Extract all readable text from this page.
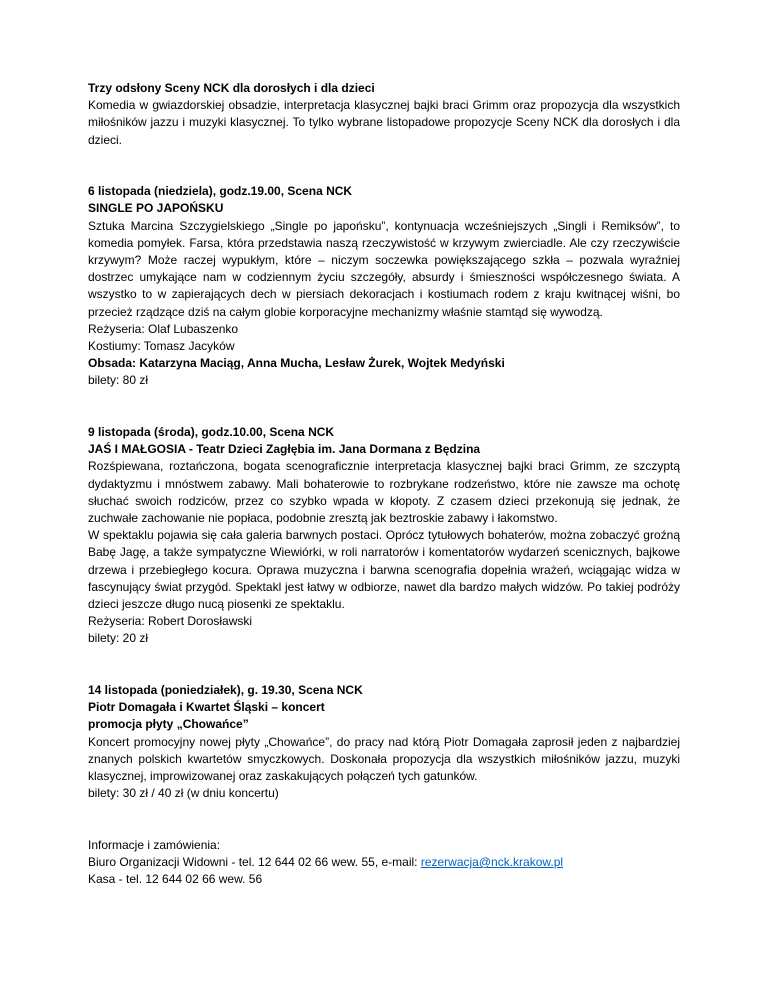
Trzy odsłony Sceny NCK dla dorosłych i dla dzieci

Komedia w gwiazdorskiej obsadzie, interpretacja klasycznej bajki braci Grimm oraz propozycja dla wszystkich miłośników jazzu i muzyki klasycznej. To tylko wybrane listopadowe propozycje Sceny NCK dla dorosłych i dla dzieci.

6 listopada (niedziela), godz.19.00, Scena NCK
SINGLE PO JAPOŃSKU

Sztuka Marcina Szczygielskiego „Single po japońsku”, kontynuacja wcześniejszych „Singli i Remiksów”, to komedia pomyłek. Farsa, która przedstawia naszą rzeczywistość w krzywym zwierciadle. Ale czy rzeczywiście krzywym? Może raczej wypukłym, które – niczym soczewka powiększającego szkła – pozwala wyraźniej dostrzec umykające nam w codziennym życiu szczegóły, absurdy i śmieszności współczesnego świata. A wszystko to w zapierających dech w piersiach dekoracjach i kostiumach rodem z kraju kwitnącej wiśni, bo przecież rządzące dziś na całym globie korporacyjne mechanizmy właśnie stamtąd się wywodzą.

Reżyseria: Olaf Lubaszenko
Kostiumy: Tomasz Jacyków
Obsada: Katarzyna Maciąg, Anna Mucha, Lesław Żurek, Wojtek Medyński
bilety: 80 zł
9 listopada (środa), godz.10.00, Scena NCK
JAŚ I MAŁGOSIA - Teatr Dzieci Zagłębia im. Jana Dormana z Będzina

Rozśpiewana, roztańczona, bogata scenograficznie interpretacja klasycznej bajki braci Grimm, ze szczyptą dydaktyzmu i mnóstwem zabawy. Mali bohaterowie to rozbrykane rodzeństwo, które nie zawsze ma ochotę słuchać swoich rodziców, przez co szybko wpada w kłopoty. Z czasem dzieci przekonują się jednak, że zuchwałe zachowanie nie popłaca, podobnie zresztą jak beztroskie zabawy i łakomstwo.

W spektaklu pojawia się cała galeria barwnych postaci. Oprócz tytułowych bohaterów, można zobaczyć groźną Babę Jagę, a także sympatyczne Wiewiórki, w roli narratorów i komentatorów wydarzeń scenicznych, bajkowe drzewa i przebiegłego kocura. Oprawa muzyczna i barwna scenografia dopełnia wrażeń, wciągając widza w fascynujący świat przygód. Spektakl jest łatwy w odbiorze, nawet dla bardzo małych widzów. Po takiej podróży dzieci jeszcze długo nucą piosenki ze spektaklu.

Reżyseria: Robert Dorosławski
bilety: 20 zł
14 listopada (poniedziałek), g. 19.30, Scena NCK
Piotr Domagała i Kwartet Śląski – koncert
promocja płyty „Chowańce”

Koncert promocyjny nowej płyty „Chowańce”, do pracy nad którą Piotr Domagała zaprosił jeden z najbardziej znanych polskich kwartetów smyczkowych. Doskonała propozycja dla wszystkich miłośników jazzu, muzyki klasycznej, improwizowanej oraz zaskakujących połączeń tych gatunków.

bilety: 30 zł / 40 zł (w dniu koncertu)
Informacje i zamówienia:
Biuro Organizacji Widowni - tel. 12 644 02 66 wew. 55, e-mail: rezerwacja@nck.krakow.pl
Kasa - tel. 12 644 02 66 wew. 56
